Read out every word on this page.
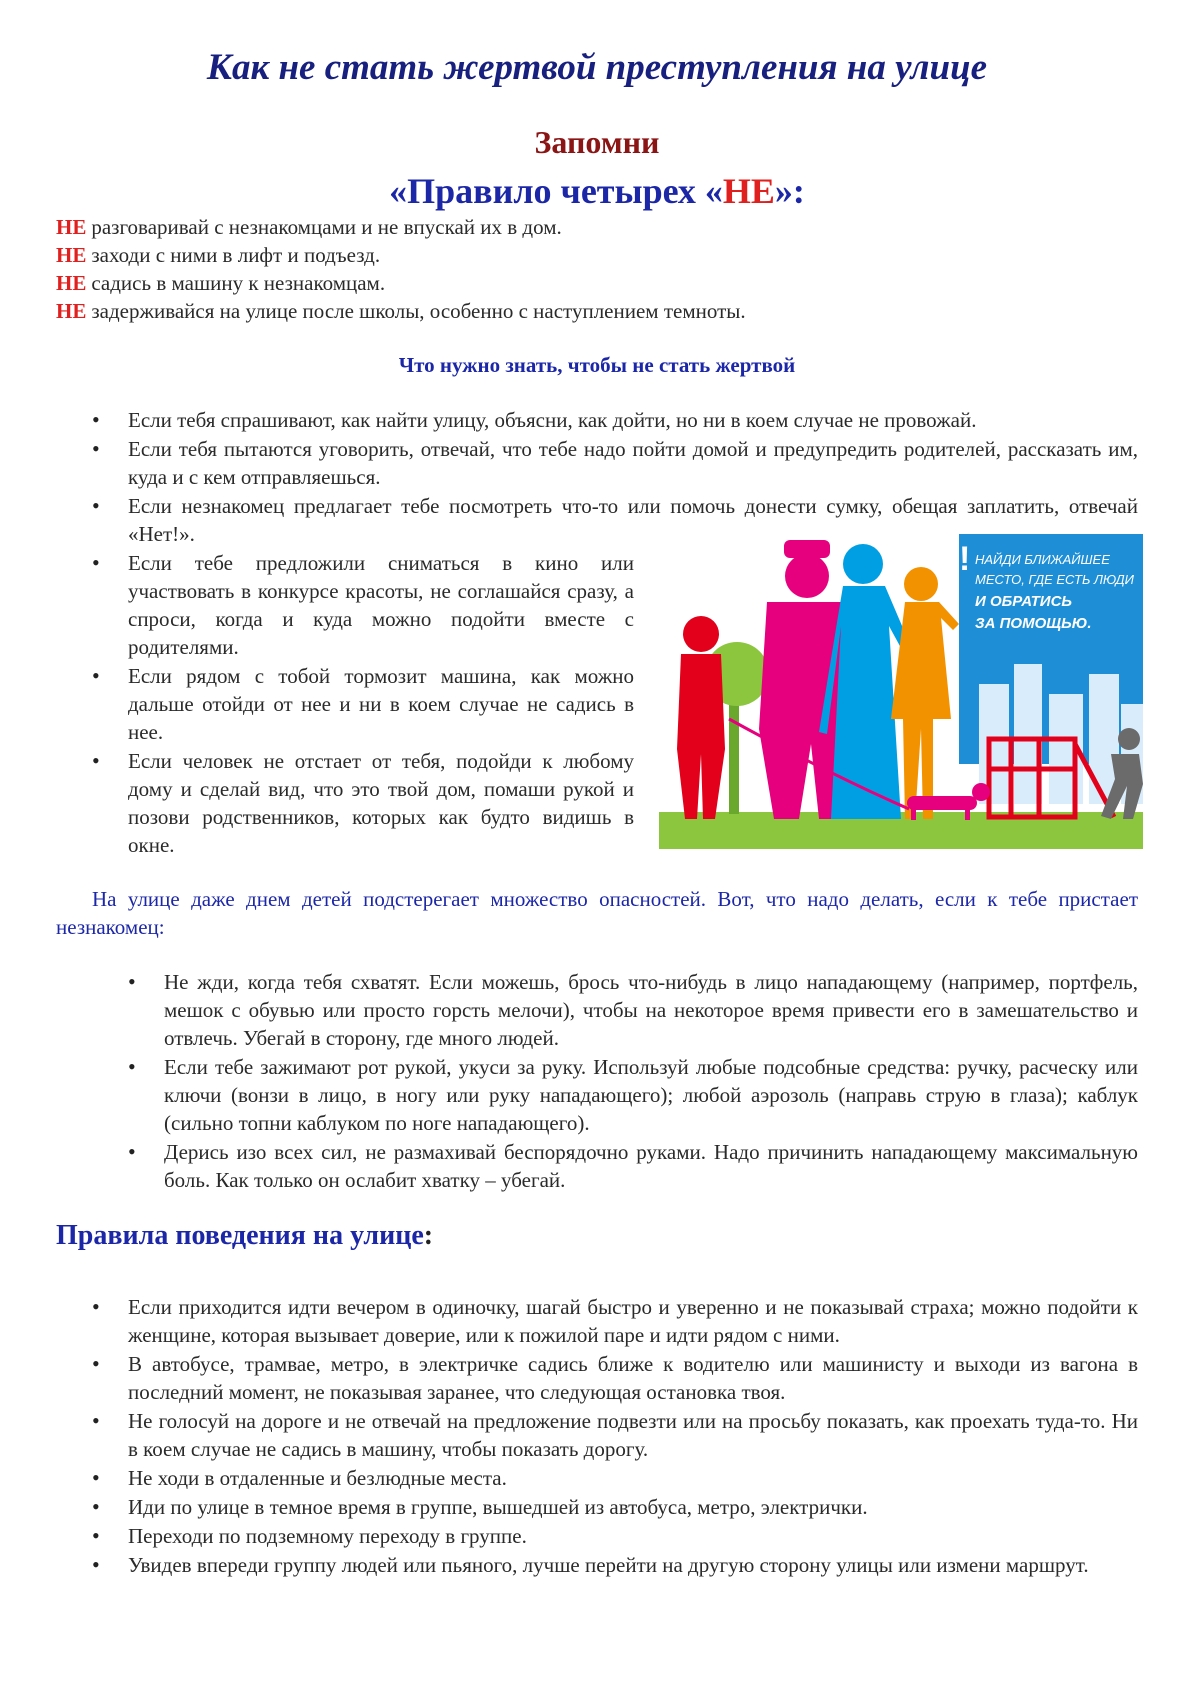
Как не стать жертвой преступления на улице
Запомни
«Правило четырех «НЕ»:
НЕ разговаривай с незнакомцами и не впускай их в дом.
НЕ заходи с ними в лифт и подъезд.
НЕ садись в машину к незнакомцам.
НЕ задерживайся на улице после школы, особенно с наступлением темноты.
Что нужно знать, чтобы не стать жертвой
• Если тебя спрашивают, как найти улицу, объясни, как дойти, но ни в коем случае не провожай.
• Если тебя пытаются уговорить, отвечай, что тебе надо пойти домой и предупредить родителей, рассказать им, куда и с кем отправляешься.
• Если незнакомец предлагает тебе посмотреть что-то или помочь донести сумку, обещая заплатить, отвечай «Нет!».
• Если тебе предложили сниматься в кино или участвовать в конкурсе красоты, не соглашайся сразу, а спроси, когда и куда можно подойти вместе с родителями.
• Если рядом с тобой тормозит машина, как можно дальше отойди от нее и ни в коем случае не садись в нее.
• Если человек не отстает от тебя, подойди к любому дому и сделай вид, что это твой дом, помаши рукой и позови родственников, которых как будто видишь в окне.
! НАЙДИ БЛИЖАЙШЕЕ МЕСТО, ГДЕ ЕСТЬ ЛЮДИ И ОБРАТИСЬ ЗА ПОМОЩЬЮ.

На улице даже днем детей подстерегает множество опасностей. Вот, что надо делать, если к тебе пристает незнакомец:

• Не жди, когда тебя схватят. Если можешь, брось что-нибудь в лицо нападающему (например, портфель, мешок с обувью или просто горсть мелочи), чтобы на некоторое время привести его в замешательство и отвлечь. Убегай в сторону, где много людей.
• Если тебе зажимают рот рукой, укуси за руку. Используй любые подсобные средства: ручку, расческу или ключи (вонзи в лицо, в ногу или руку нападающего); любой аэрозоль (направь струю в глаза); каблук (сильно топни каблуком по ноге нападающего).
• Дерись изо всех сил, не размахивай беспорядочно руками. Надо причинить нападающему максимальную боль. Как только он ослабит хватку – убегай.
Правила поведения на улице:
• Если приходится идти вечером в одиночку, шагай быстро и уверенно и не показывай страха; можно подойти к женщине, которая вызывает доверие, или к пожилой паре и идти рядом с ними.
• В автобусе, трамвае, метро, в электричке садись ближе к водителю или машинисту и выходи из вагона в последний момент, не показывая заранее, что следующая остановка твоя.
• Не голосуй на дороге и не отвечай на предложение подвезти или на просьбу показать, как проехать туда-то. Ни в коем случае не садись в машину, чтобы показать дорогу.
• Не ходи в отдаленные и безлюдные места.
• Иди по улице в темное время в группе, вышедшей из автобуса, метро, электрички.
• Переходи по подземному переходу в группе.
• Увидев впереди группу людей или пьяного, лучше перейти на другую сторону улицы или измени маршрут.
